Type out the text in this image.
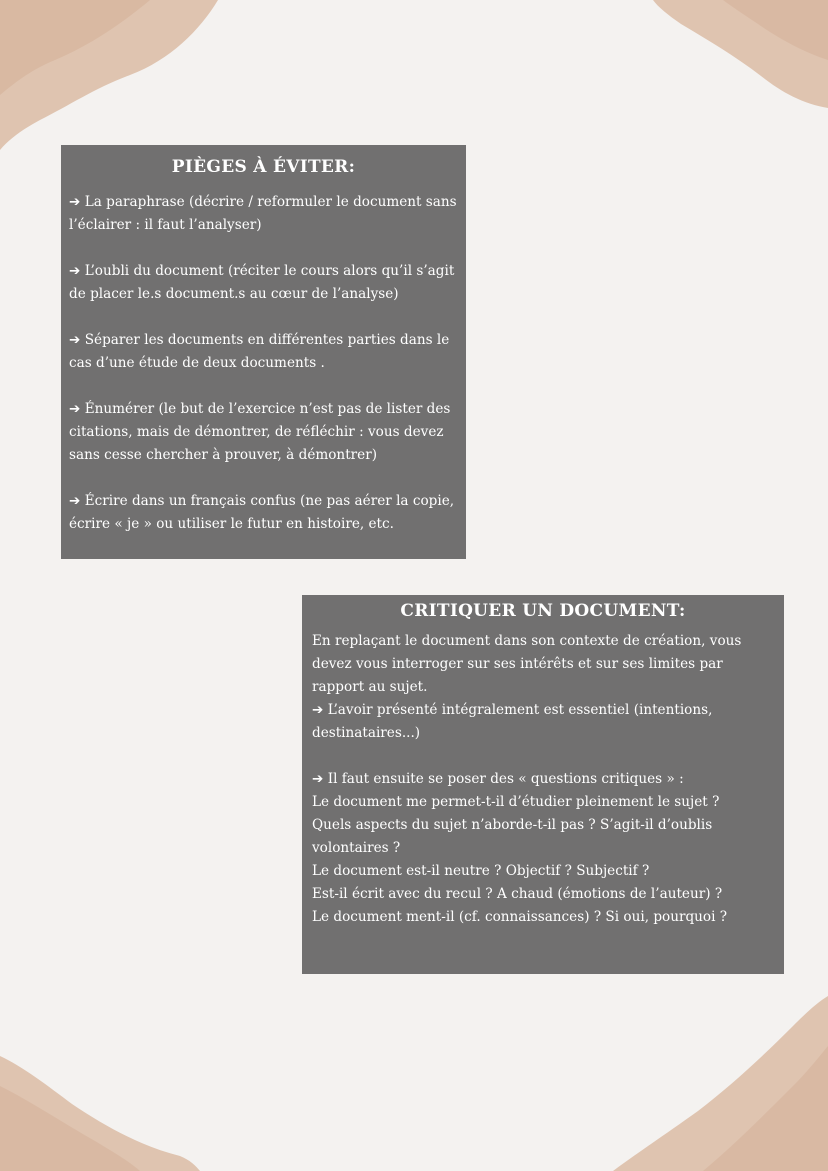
PIÈGES À ÉVITER:

➔ La paraphrase (décrire / reformuler le document sans l’éclairer : il faut l’analyser)

➔ L’oubli du document (réciter le cours alors qu’il s’agit de placer le.s document.s au cœur de l’analyse)

➔ Séparer les documents en différentes parties dans le cas d’une étude de deux documents .

➔ Énumérer (le but de l’exercice n’est pas de lister des citations, mais de démontrer, de réfléchir : vous devez sans cesse chercher à prouver, à démontrer)

➔ Écrire dans un français confus (ne pas aérer la copie, écrire « je » ou utiliser le futur en histoire, etc.

CRITIQUER UN DOCUMENT:

En replaçant le document dans son contexte de création, vous devez vous interroger sur ses intérêts et sur ses limites par rapport au sujet.

➔ L’avoir présenté intégralement est essentiel (intentions, destinataires...)

➔ Il faut ensuite se poser des « questions critiques » :

Le document me permet-t-il d’étudier pleinement le sujet ?

Quels aspects du sujet n’aborde-t-il pas ? S’agit-il d’oublis volontaires ?

Le document est-il neutre ? Objectif ? Subjectif ?

Est-il écrit avec du recul ? A chaud (émotions de l’auteur) ?

Le document ment-il (cf. connaissances) ? Si oui, pourquoi ?
